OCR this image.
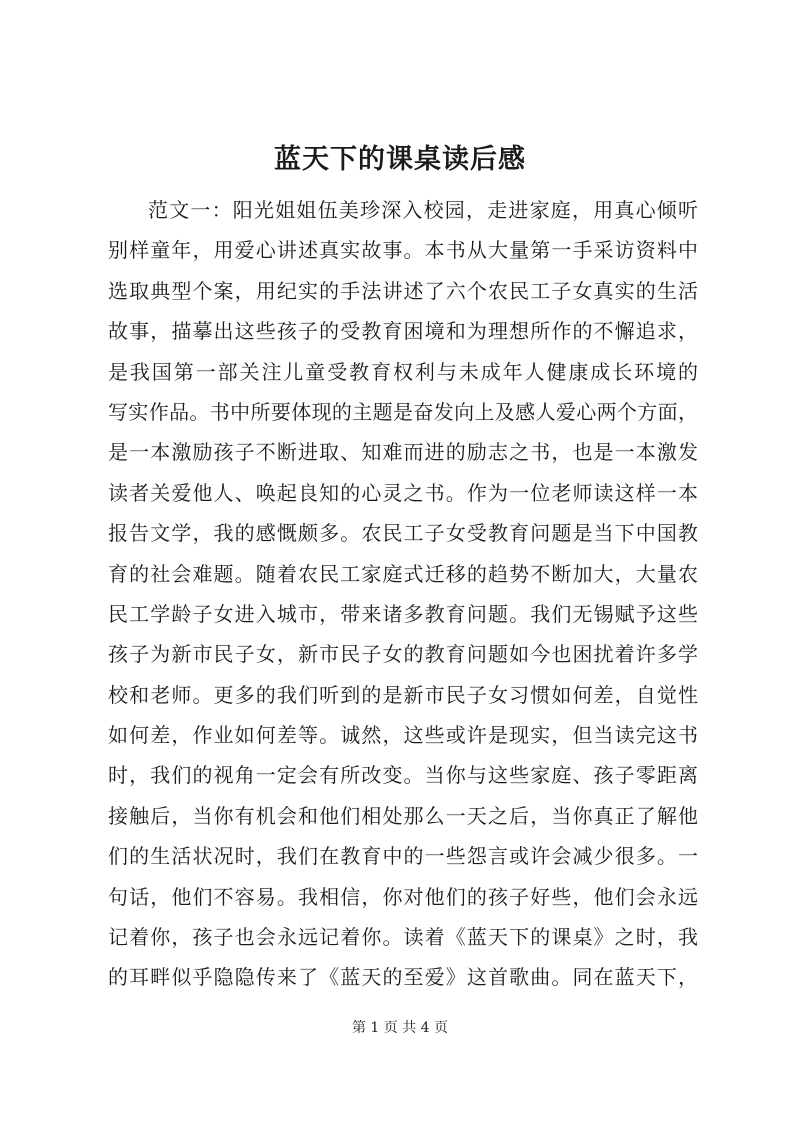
蓝天下的课桌读后感
范文一：阳光姐姐伍美珍深入校园，走进家庭，用真心倾听
别样童年，用爱心讲述真实故事。本书从大量第一手采访资料中
选取典型个案，用纪实的手法讲述了六个农民工子女真实的生活
故事，描摹出这些孩子的受教育困境和为理想所作的不懈追求，
是我国第一部关注儿童受教育权利与未成年人健康成长环境的
写实作品。书中所要体现的主题是奋发向上及感人爱心两个方面，
是一本激励孩子不断进取、知难而进的励志之书，也是一本激发
读者关爱他人、唤起良知的心灵之书。作为一位老师读这样一本
报告文学，我的感慨颇多。农民工子女受教育问题是当下中国教
育的社会难题。随着农民工家庭式迁移的趋势不断加大，大量农
民工学龄子女进入城市，带来诸多教育问题。我们无锡赋予这些
孩子为新市民子女，新市民子女的教育问题如今也困扰着许多学
校和老师。更多的我们听到的是新市民子女习惯如何差，自觉性
如何差，作业如何差等。诚然，这些或许是现实，但当读完这书
时，我们的视角一定会有所改变。当你与这些家庭、孩子零距离
接触后，当你有机会和他们相处那么一天之后，当你真正了解他
们的生活状况时，我们在教育中的一些怨言或许会减少很多。一
句话，他们不容易。我相信，你对他们的孩子好些，他们会永远
记着你，孩子也会永远记着你。读着《蓝天下的课桌》之时，我
的耳畔似乎隐隐传来了《蓝天的至爱》这首歌曲。同在蓝天下，
第 1 页 共 4 页
